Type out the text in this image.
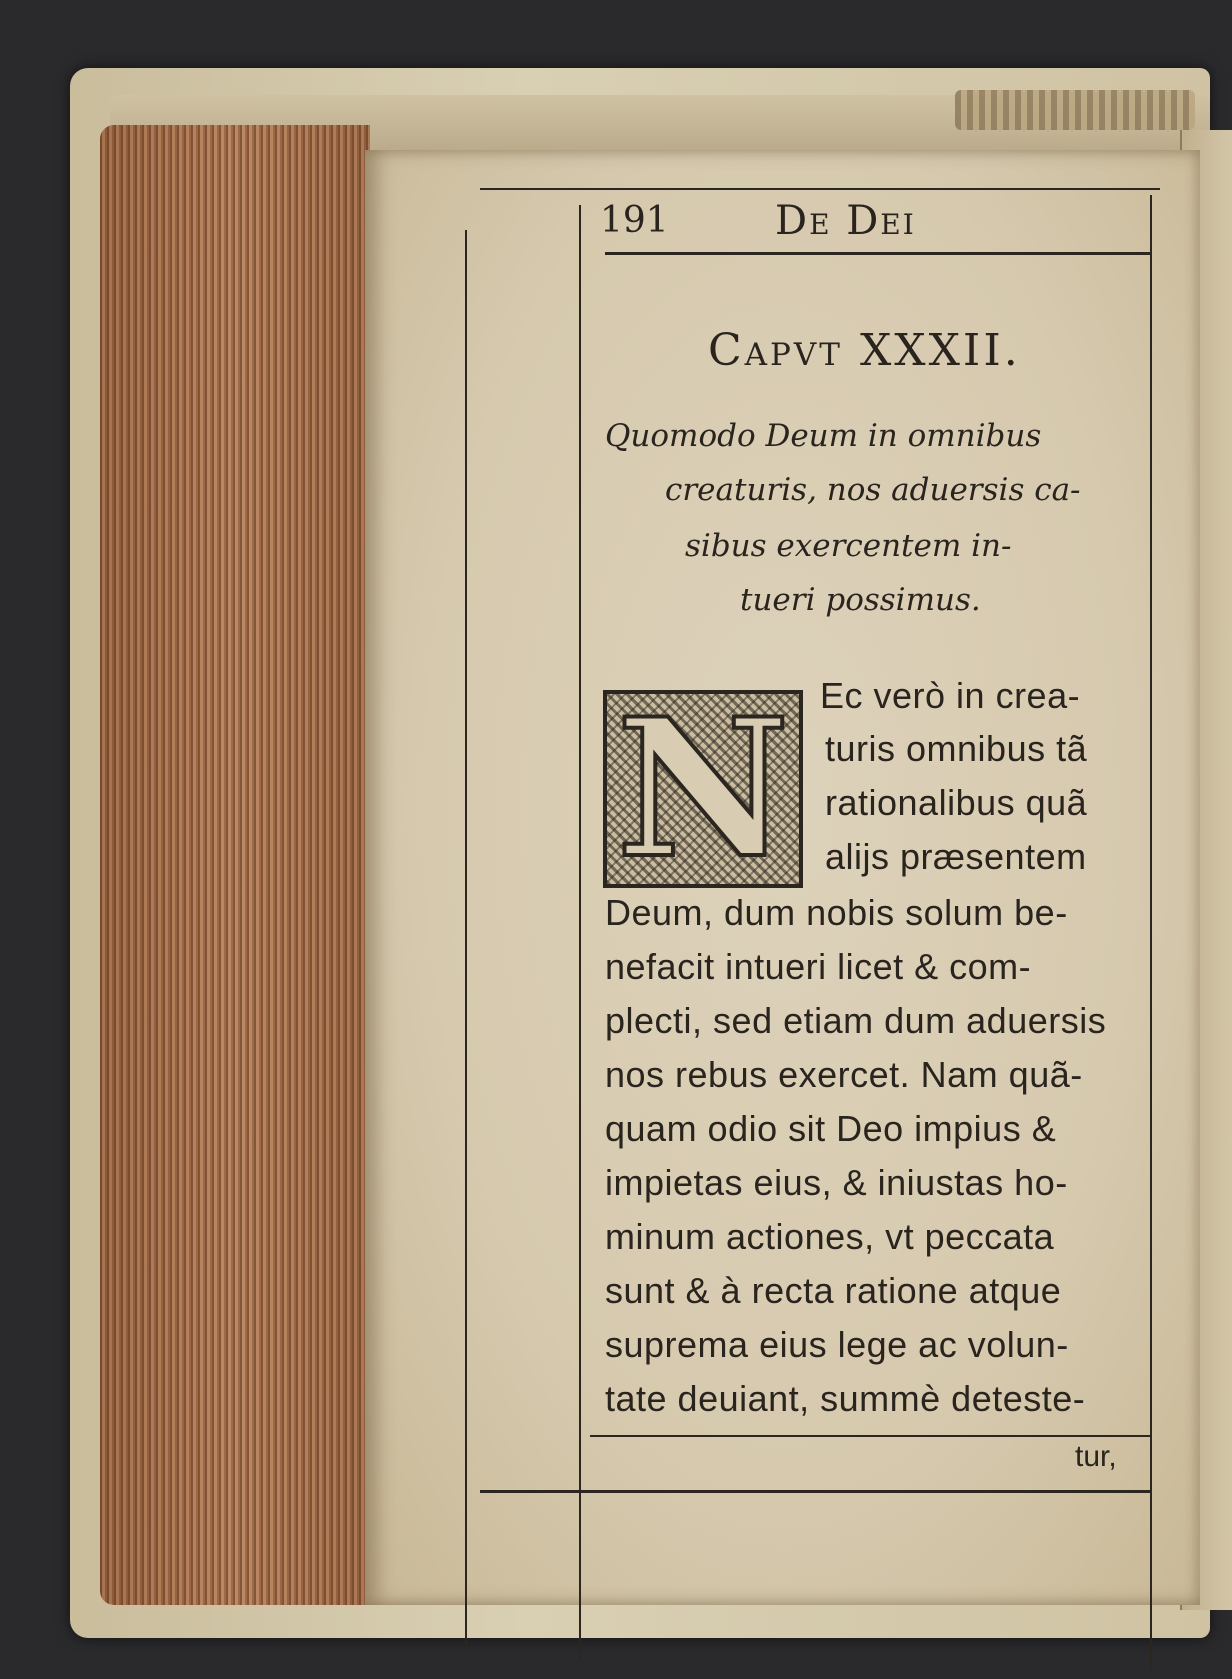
191	De Dei
Capvt XXXII.
Quomodo Deum in omnibus
creaturis, nos aduersis ca-
sibus exercentem in-
tueri possimus.
N Ec verò in crea-
turis omnibus tã
rationalibus quã
alijs præsentem
Deum, dum nobis solum be-
nefacit intueri licet & com-
plecti, sed etiam dum aduersis
nos rebus exercet. Nam quã-
quam odio sit Deo impius &
impietas eius, & iniustas ho-
minum actiones, vt peccata
sunt & à recta ratione atque
suprema eius lege ac volun-
tate deuiant, summè deteste-
tur,
